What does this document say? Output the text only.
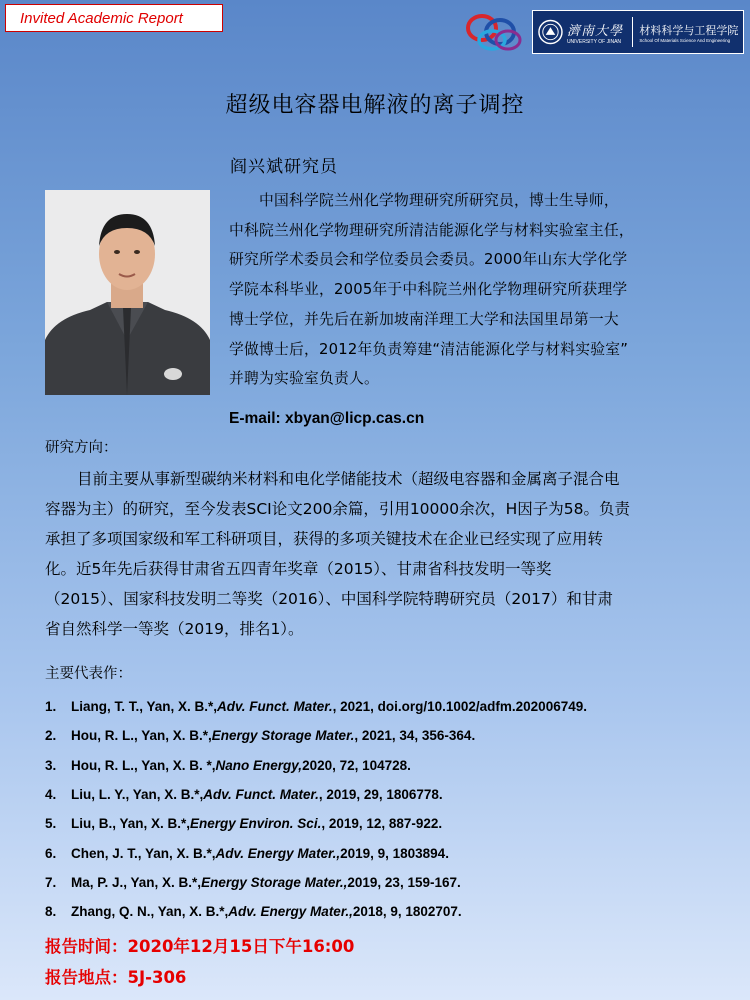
Invited Academic Report
濟南大學
UNIVERSITY OF JINAN
材料科学与工程学院
School Of Materials Science And Engineering
超级电容器电解液的离子调控
阎兴斌研究员
中国科学院兰州化学物理研究所研究员，博士生导师，
中科院兰州化学物理研究所清洁能源化学与材料实验室主任，
研究所学术委员会和学位委员会委员。2000年山东大学化学
学院本科毕业，2005年于中科院兰州化学物理研究所获理学
博士学位，并先后在新加坡南洋理工大学和法国里昂第一大
学做博士后，2012年负责筹建“清洁能源化学与材料实验室”
并聘为实验室负责人。
E-mail: xbyan@licp.cas.cn
研究方向：
目前主要从事新型碳纳米材料和电化学储能技术（超级电容器和金属离子混合电
容器为主）的研究，至今发表SCI论文200余篇，引用10000余次，H因子为58。负责
承担了多项国家级和军工科研项目，获得的多项关键技术在企业已经实现了应用转
化。近5年先后获得甘肃省五四青年奖章（2015）、甘肃省科技发明一等奖
（2015）、国家科技发明二等奖（2016）、中国科学院特聘研究员（2017）和甘肃
省自然科学一等奖（2019，排名1）。
主要代表作：
1.	Liang, T. T., Yan, X. B.*, Adv. Funct. Mater. , 2021, doi.org/10.1002/adfm.202006749.
2.	Hou, R. L., Yan, X. B.*, Energy Storage Mater. , 2021, 34, 356-364.
3.	Hou, R. L., Yan, X. B. *, Nano Energy, 2020, 72, 104728.
4.	Liu, L. Y., Yan, X. B.*, Adv. Funct. Mater. , 2019, 29, 1806778.
5.	Liu, B., Yan, X. B.*, Energy Environ. Sci. , 2019, 12, 887-922.
6.	Chen, J. T., Yan, X. B.*, Adv. Energy Mater., 2019, 9, 1803894.
7.	Ma, P. J., Yan, X. B.*, Energy Storage Mater., 2019, 23, 159-167.
8.	Zhang, Q. N., Yan, X. B.*, Adv. Energy Mater., 2018, 9, 1802707.
报告时间：2020年12月15日下午16:00
报告地点：5J-306
